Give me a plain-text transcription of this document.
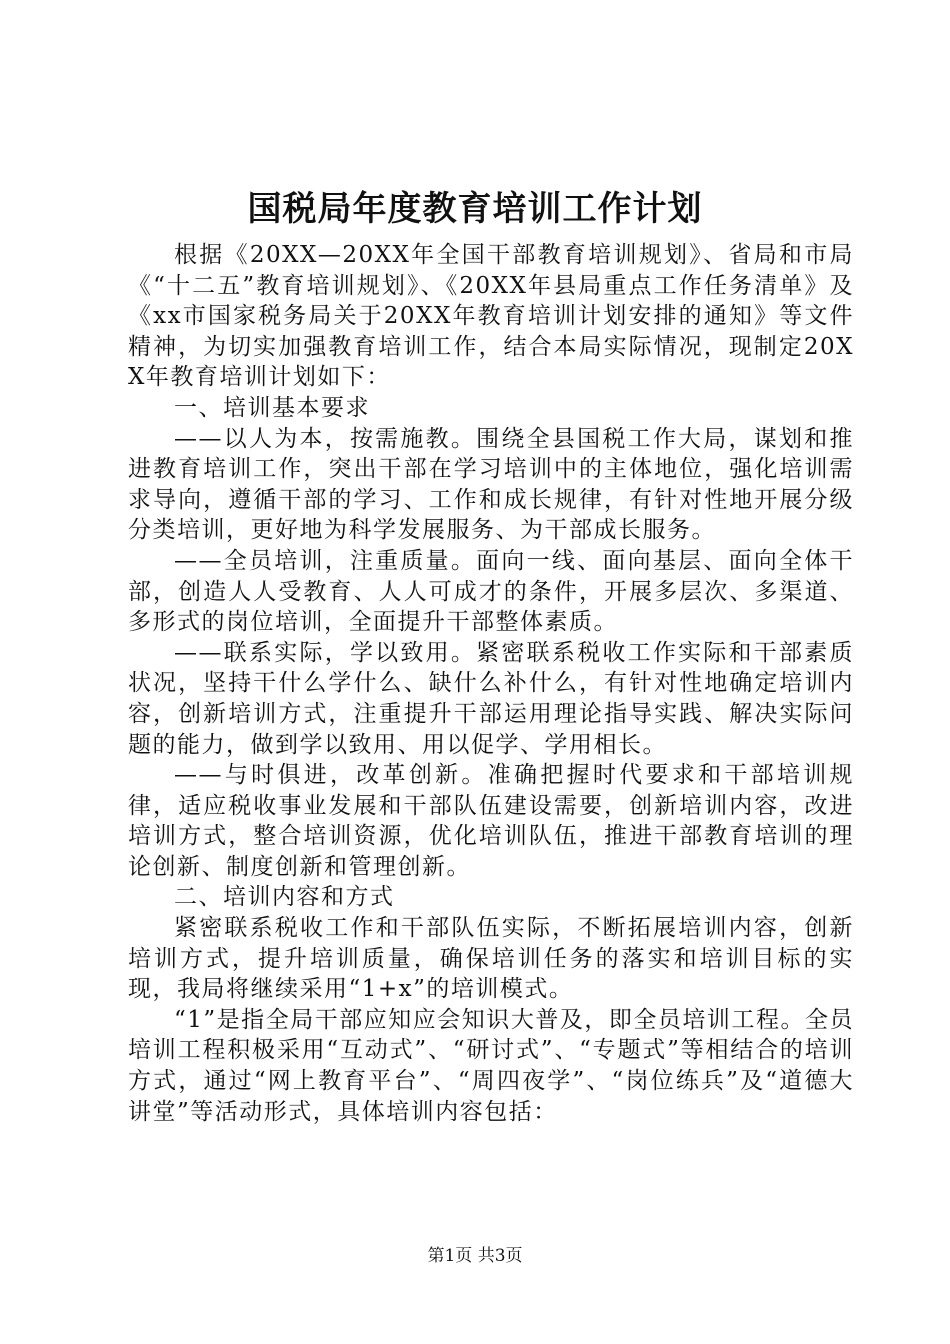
国税局年度教育培训工作计划

根据《20XX—20XX年全国干部教育培训规划》、省局和市局《“十二五”教育培训规划》、《20XX年县局重点工作任务清单》及《xx市国家税务局关于20XX年教育培训计划安排的通知》等文件精神，为切实加强教育培训工作，结合本局实际情况，现制定20XX年教育培训计划如下：

一、培训基本要求

——以人为本，按需施教。围绕全县国税工作大局，谋划和推进教育培训工作，突出干部在学习培训中的主体地位，强化培训需求导向，遵循干部的学习、工作和成长规律，有针对性地开展分级分类培训，更好地为科学发展服务、为干部成长服务。

——全员培训，注重质量。面向一线、面向基层、面向全体干部，创造人人受教育、人人可成才的条件，开展多层次、多渠道、多形式的岗位培训，全面提升干部整体素质。

——联系实际，学以致用。紧密联系税收工作实际和干部素质状况，坚持干什么学什么、缺什么补什么，有针对性地确定培训内容，创新培训方式，注重提升干部运用理论指导实践、解决实际问题的能力，做到学以致用、用以促学、学用相长。

——与时俱进，改革创新。准确把握时代要求和干部培训规律，适应税收事业发展和干部队伍建设需要，创新培训内容，改进培训方式，整合培训资源，优化培训队伍，推进干部教育培训的理论创新、制度创新和管理创新。

二、培训内容和方式

紧密联系税收工作和干部队伍实际，不断拓展培训内容，创新培训方式，提升培训质量，确保培训任务的落实和培训目标的实现，我局将继续采用“1+x”的培训模式。

“1”是指全局干部应知应会知识大普及，即全员培训工程。全员培训工程积极采用“互动式”、“研讨式”、“专题式”等相结合的培训方式，通过“网上教育平台”、“周四夜学”、“岗位练兵”及“道德大讲堂”等活动形式，具体培训内容包括：

第1页 共3页
